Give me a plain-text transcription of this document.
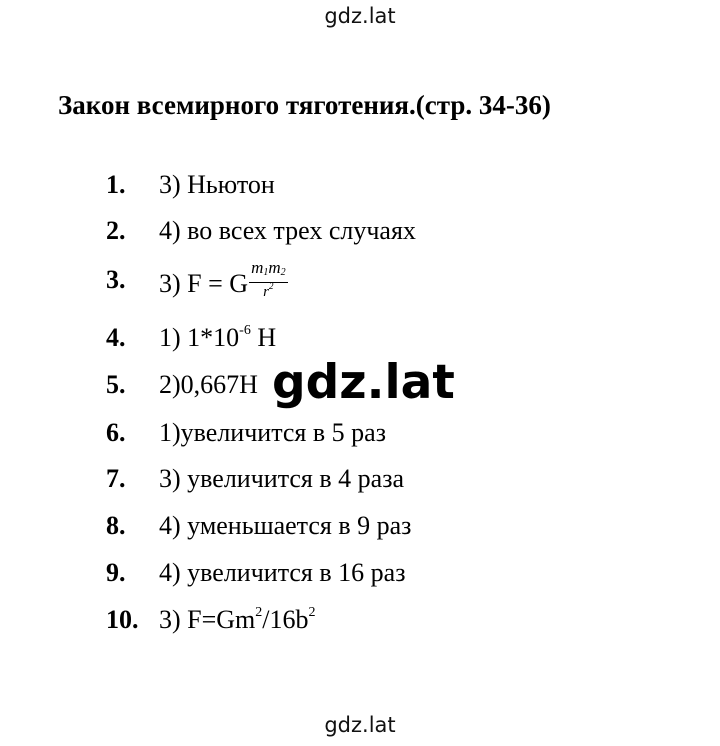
gdz.lat
Закон всемирного тяготения.(стр. 34-36)
1.	3) Ньютон
2.	4) во всех трех случаях
3.	3) F = G $\frac{m_1m_2}{r^2}$
4.	1) $1*10^{-6}$ Н
5.	2)0,667Н
6.	1)увеличится в 5 раз
7.	3) увеличится в 4 раза
8.	4) уменьшается в 9 раз
9.	4) увеличится в 16 раз
10. 3) $F=Gm^2/16b^2$
gdz.lat
gdz.lat
